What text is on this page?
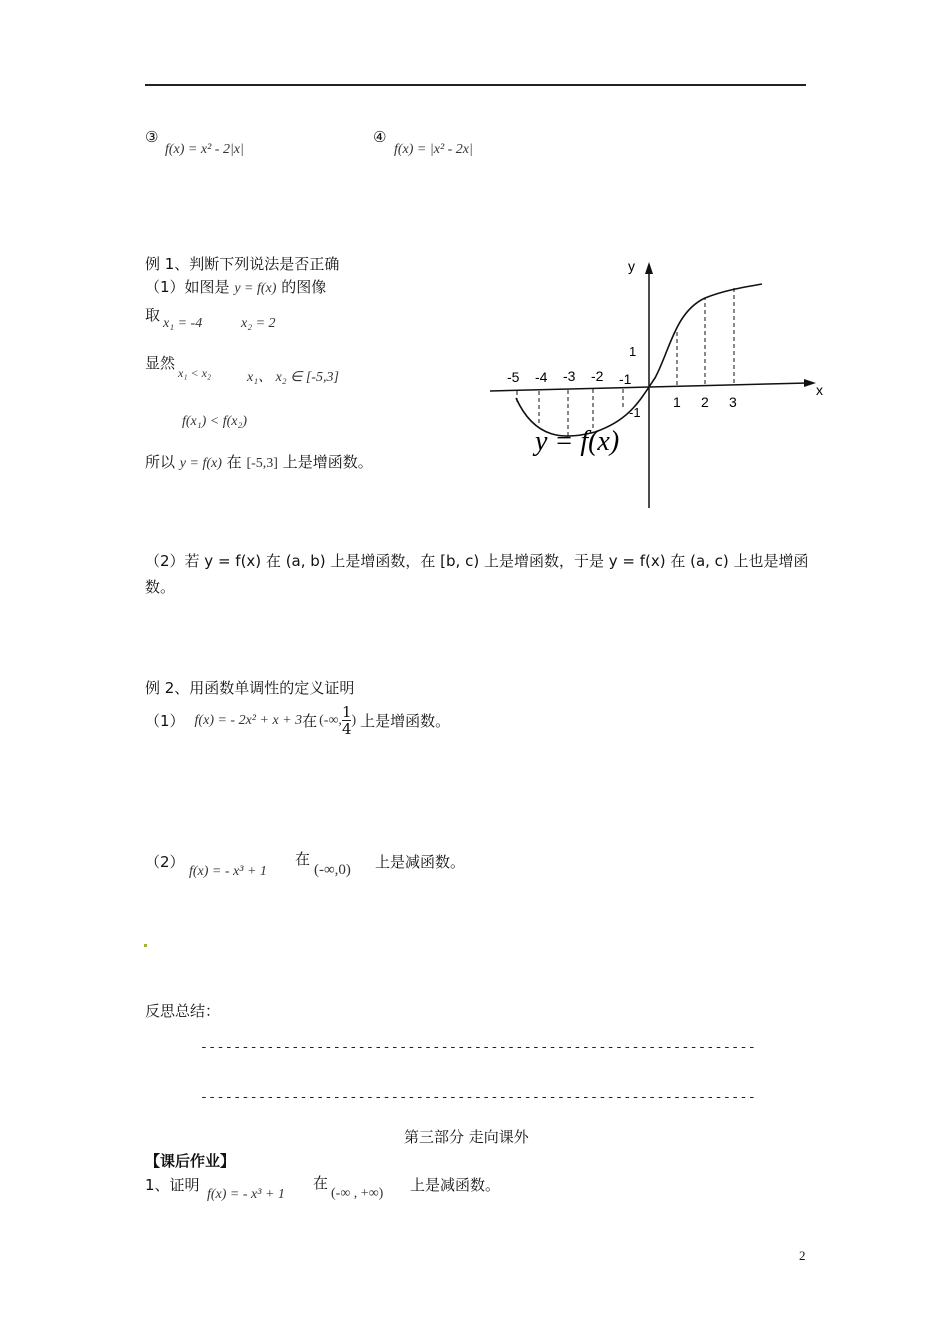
③
f(x) = x² - 2|x|
④
f(x) = |x² - 2x|
例 1、判断下列说法是否正确
（1）如图是 y = f(x) 的图像
取 x₁ = -4	x₂ = 2
显然
x₁ < x₂	x₁、 x₂ ∈ [-5,3]
f(x₁) < f(x₂)
所以 y = f(x) 在 [-5,3] 上是增函数。
x
y
1
-1
-5 -4 -3 -2 -1
1 2 3
y = f(x)
（2）若 y = f(x) 在 (a, b) 上是增函数，在 [b, c) 上是增函数，于是 y = f(x) 在 (a, c) 上也是增函
数。
例 2、用函数单调性的定义证明
（1） f(x) = - 2x² + x + 3 在 (-∞, $\frac{1}{4}$ ) 上是增函数。
（2）
f(x) = - x³ + 1
在
(-∞,0) 上是减函数。
反思总结：
-------------------------------------------------------------------
-------------------------------------------------------------------
第三部分 走向课外
【课后作业】
1、证明
f(x) = - x³ + 1
在
(-∞ , +∞) 上是减函数。
2
